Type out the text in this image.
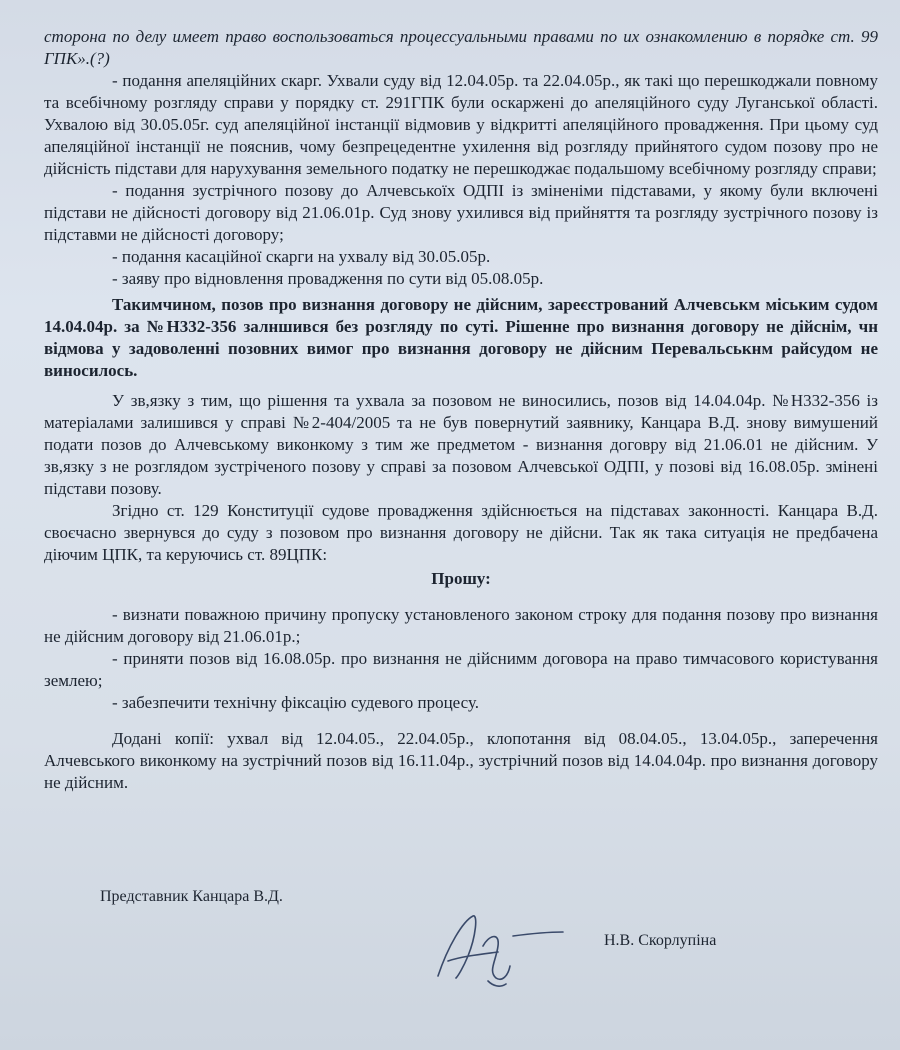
сторона по делу имеет право воспользоваться процессуальными правами по их ознакомлению в порядке ст. 99 ГПК».(?)

- подання апеляційних скарг. Ухвали суду від 12.04.05р. та 22.04.05р., як такі що перешкоджали повному та всебічному розгляду справи у порядку ст. 291ГПК були оскаржені до апеляційного суду Луганської області. Ухвалою від 30.05.05г. суд апеляційної інстанції відмовив у відкритті апеляційного провадження. При цьому суд апеляційної інстанції не пояснив, чому безпрецедентне ухилення від розгляду прийнятого судом позову про не дійсність підстави для нарухування земельного податку не перешкоджає подальшому всебічному розгляду справи;

- подання зустрічного позову до Алчевськоїх ОДПІ із зміненіми підставами, у якому були включені підстави не дійсності договору від 21.06.01р. Суд знову ухилився від прийняття та розгляду зустрічного позову із підставми не дійсності договору;

- подання касаційної скарги на ухвалу від 30.05.05р.

- заяву про відновлення провадження по сути від 05.08.05р.

Такимчином, позов про визнання договору не дійсним, зареєстрований Алчевськм міським судом 14.04.04р. за №Н332-356 залншився без розгляду по суті. Рішенне про визнання договору не дійснім, чн відмова у задоволенні позовних вимог про визнання договору не дійсним Перевальськнм райсудом не виносилось.

У зв,язку з тим, що рішення та ухвала за позовом не виносились, позов від 14.04.04р. №Н332-356 із матеріалами залишився у справі №2-404/2005 та не був повернутий заявнику, Канцара В.Д. знову вимушений подати позов до Алчевському виконкому з тим же предметом - визнання договру від 21.06.01 не дійсним. У зв,язку з не розглядом зустріченого позову у справі за позовом Алчевської ОДПІ, у позові від 16.08.05р. змінені підстави позову.

Згідно ст. 129 Конституції судове провадження здійснюється на підставах законності. Канцара В.Д. своєчасно звернувся до суду з позовом про визнання договору не дійсни. Так як така ситуація не предбачена діючим ЦПК, та керуючись ст. 89ЦПК:

Прошу:

- визнати поважною причину пропуску установленого законом строку для подання позову про визнання не дійсним договору від 21.06.01р.;

- приняти позов від 16.08.05р. про визнання не дійснимм договора на право тимчасового користування землею;

- забезпечити технічну фіксацію судевого процесу.

Додані копії: ухвал від 12.04.05., 22.04.05р., клопотання від 08.04.05., 13.04.05р., заперечення Алчевського виконкому на зустрічний позов від 16.11.04р., зустрічний позов від 14.04.04р. про визнання договору не дійсним.

Представник Канцара В.Д.
Н.В. Скорлупіна
